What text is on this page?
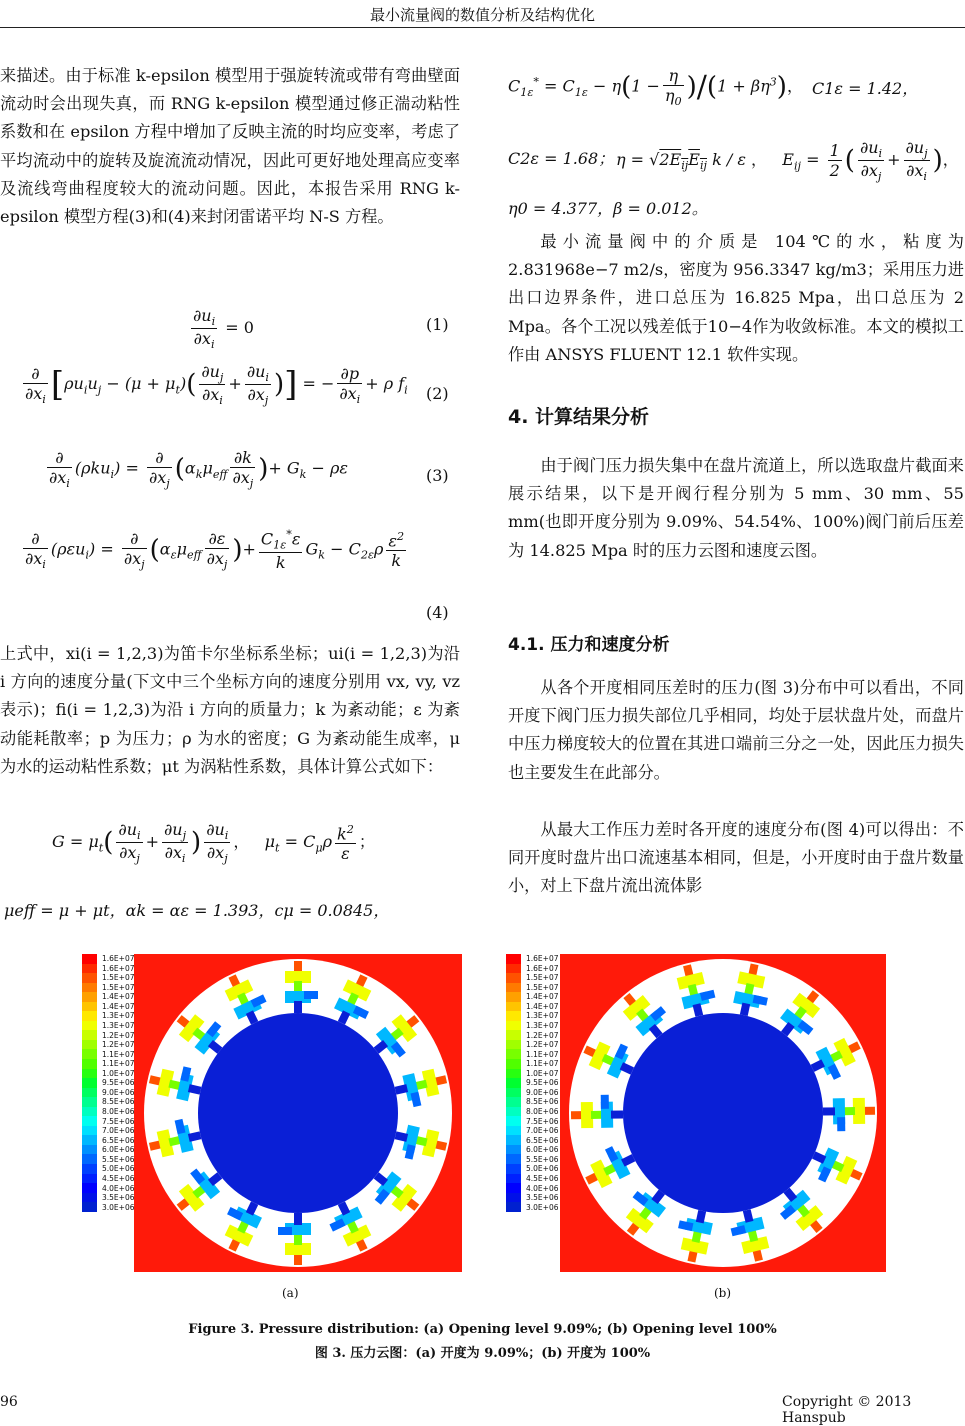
最小流量阀的数值分析及结构优化
来描述。由于标准 k-epsilon 模型用于强旋转流或带有弯曲壁面流动时会出现失真，而 RNG k-epsilon 模型通过修正湍动粘性系数和在 epsilon 方程中增加了反映主流的时均应变率，考虑了平均流动中的旋转及旋流流动情况，因此可更好地处理高应变率及流线弯曲程度较大的流动问题。因此，本报告采用 RNG k-epsilon 模型方程(3)和(4)来封闭雷诺平均 N-S 方程。
$\frac{\partial u_i}{\partial x_i} = 0$	(1)
$\frac{\partial}{\partial x_i} [\rho u_iu_j - (\mu + \mu_t)( \frac{\partial u_j}{\partial x_i} + \frac{\partial u_i}{\partial x_j}$ )] = − $\frac{\partial p}{\partial x_i} + \rho$ $f_i$ (2)
$\frac{\partial}{\partial x_i} (\rho ku_i) = \frac{\partial}{\partial x_j} (\alpha_k\mu_{eff} \frac{\partial k}{\partial x_j}$ )+ $G_k - \rho\varepsilon$	(3)
$\frac{\partial}{\partial x_i} (\rho\varepsilon u_i) = \frac{\partial}{\partial x_j} (\alpha_\varepsilon\mu_{eff} \frac{\partial\varepsilon}{\partial x_j}$ )+ $\frac{C_{1\varepsilon}^*\varepsilon}{k} G_k - C_{2\varepsilon}\rho \frac{\varepsilon^2}{k}$
(4)
上式中，xi(i = 1,2,3)为笛卡尔坐标系坐标；ui(i = 1,2,3)为沿 i 方向的速度分量(下文中三个坐标方向的速度分别用 vx, vy, vz 表示)；fi(i = 1,2,3)为沿 i 方向的质量力；k 为紊动能；ε 为紊动能耗散率；p 为压力；ρ 为水的密度；G 为紊动能生成率，μ 为水的运动粘性系数；μt 为涡粘性系数，具体计算公式如下：
$G = \mu_t( \frac{\partial u_i}{\partial x_j} + \frac{\partial u_j}{\partial x_i}$ ) $\frac{\partial u_i}{\partial x_j}$ ，   $\mu_t = C_\mu\rho \frac{k^2}{\varepsilon}$ ；
μeff = μ + μt，αk = αε = 1.393，cμ = 0.0845，
$C_{1\varepsilon}^* = C_{1\varepsilon} - \eta(1 - \frac{\eta}{\eta_0} )/(1 + \beta\eta^3)$， C1ε = 1.42，
C2ε = 1.68； $\eta = √2E_{ij}E_{ij}$ k / ε ，   $E_{ij} = \frac{1}{2}$ ( $\frac{\partial u_i}{\partial x_j} + \frac{\partial u_j}{\partial x_i}$ )，
η0 = 4.377，β = 0.012。
最小流量阀中的介质是 104℃的水，粘度为 2.831968e−7 m2/s，密度为 956.3347 kg/m3；采用压力进出口边界条件，进口总压为 16.825 Mpa，出口总压为 2 Mpa。各个工况以残差低于10−4作为收敛标准。本文的模拟工作由 ANSYS FLUENT 12.1 软件实现。
4. 计算结果分析
由于阀门压力损失集中在盘片流道上，所以选取盘片截面来展示结果，以下是开阀行程分别为 5 mm、30 mm、55 mm(也即开度分别为 9.09%、54.54%、100%)阀门前后压差为 14.825 Mpa 时的压力云图和速度云图。
4.1. 压力和速度分析
从各个开度相同压差时的压力(图 3)分布中可以看出，不同开度下阀门压力损失部位几乎相同，均处于层状盘片处，而盘片中压力梯度较大的位置在其进口端前三分之一处，因此压力损失也主要发生在此部分。
从最大工作压力差时各开度的速度分布(图 4)可以得出：不同开度时盘片出口流速基本相同，但是，小开度时由于盘片数量小，对上下盘片流出流体影
1.6E+07
1.6E+07
1.5E+07
1.5E+07
1.4E+07
1.4E+07
1.3E+07
1.3E+07
1.2E+07
1.2E+07
1.1E+07
1.1E+07
1.0E+07
9.5E+06
9.0E+06
8.5E+06
8.0E+06
7.5E+06
7.0E+06
6.5E+06
6.0E+06
5.5E+06
5.0E+06
4.5E+06
4.0E+06
3.5E+06
3.0E+06
(a)
1.6E+07
1.6E+07
1.5E+07
1.5E+07
1.4E+07
1.4E+07
1.3E+07
1.3E+07
1.2E+07
1.2E+07
1.1E+07
1.1E+07
1.0E+07
9.5E+06
9.0E+06
8.5E+06
8.0E+06
7.5E+06
7.0E+06
6.5E+06
6.0E+06
5.5E+06
5.0E+06
4.5E+06
4.0E+06
3.5E+06
3.0E+06
(b)
Figure 3. Pressure distribution: (a) Opening level 9.09%; (b) Opening level 100%
图 3. 压力云图：(a) 开度为 9.09%；(b) 开度为 100%
96	Copyright © 2013 Hanspub
